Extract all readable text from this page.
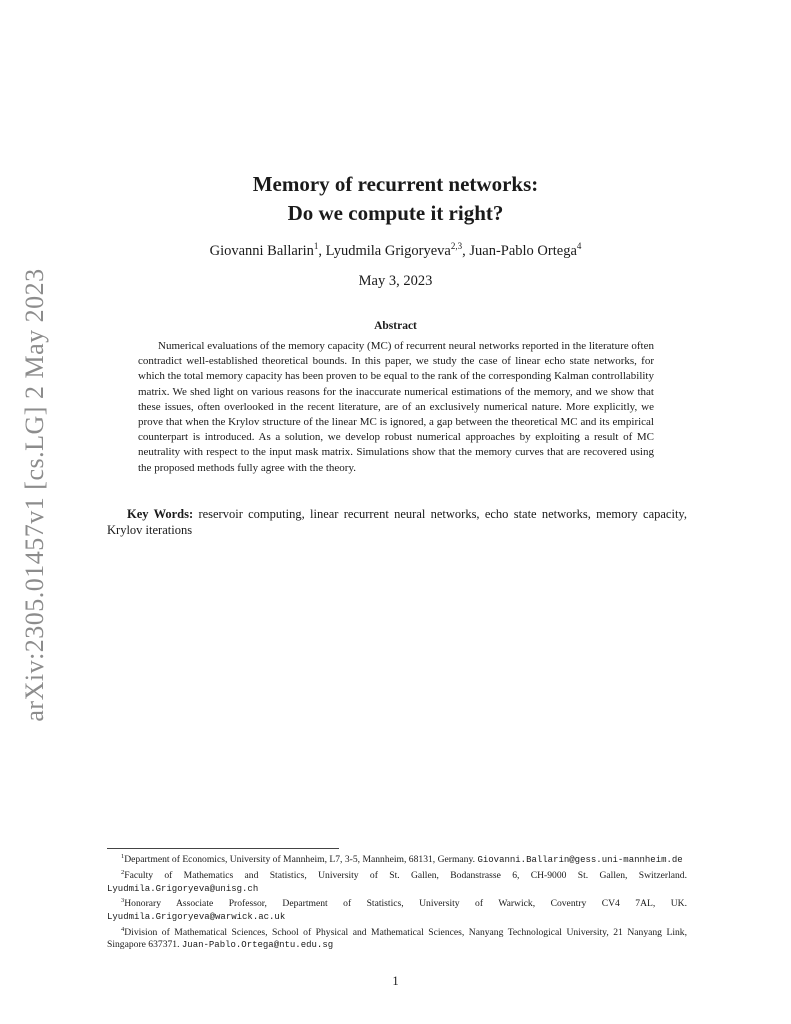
arXiv:2305.01457v1 [cs.LG] 2 May 2023
Memory of recurrent networks:
Do we compute it right?
Giovanni Ballarin$^1$, Lyudmila Grigoryeva$^{2,3}$, Juan-Pablo Ortega$^4$
May 3, 2023
Abstract

Numerical evaluations of the memory capacity (MC) of recurrent neural networks reported in the literature often contradict well-established theoretical bounds. In this paper, we study the case of linear echo state networks, for which the total memory capacity has been proven to be equal to the rank of the corresponding Kalman controllability matrix. We shed light on various reasons for the inaccurate numerical estimations of the memory, and we show that these issues, often overlooked in the recent literature, are of an exclusively numerical nature. More explicitly, we prove that when the Krylov structure of the linear MC is ignored, a gap between the theoretical MC and its empirical counterpart is introduced. As a solution, we develop robust numerical approaches by exploiting a result of MC neutrality with respect to the input mask matrix. Simulations show that the memory curves that are recovered using the proposed methods fully agree with the theory.

Key Words: reservoir computing, linear recurrent neural networks, echo state networks, memory capacity, Krylov iterations

$^1$Department of Economics, University of Mannheim, L7, 3-5, Mannheim, 68131, Germany. Giovanni.Ballarin@gess.uni-mannheim.de

$^2$Faculty of Mathematics and Statistics, University of St. Gallen, Bodanstrasse 6, CH-9000 St. Gallen, Switzerland. Lyudmila.Grigoryeva@unisg.ch

$^3$Honorary Associate Professor, Department of Statistics, University of Warwick, Coventry CV4 7AL, UK. Lyudmila.Grigoryeva@warwick.ac.uk

$^4$Division of Mathematical Sciences, School of Physical and Mathematical Sciences, Nanyang Technological University, 21 Nanyang Link, Singapore 637371. Juan-Pablo.Ortega@ntu.edu.sg

1
